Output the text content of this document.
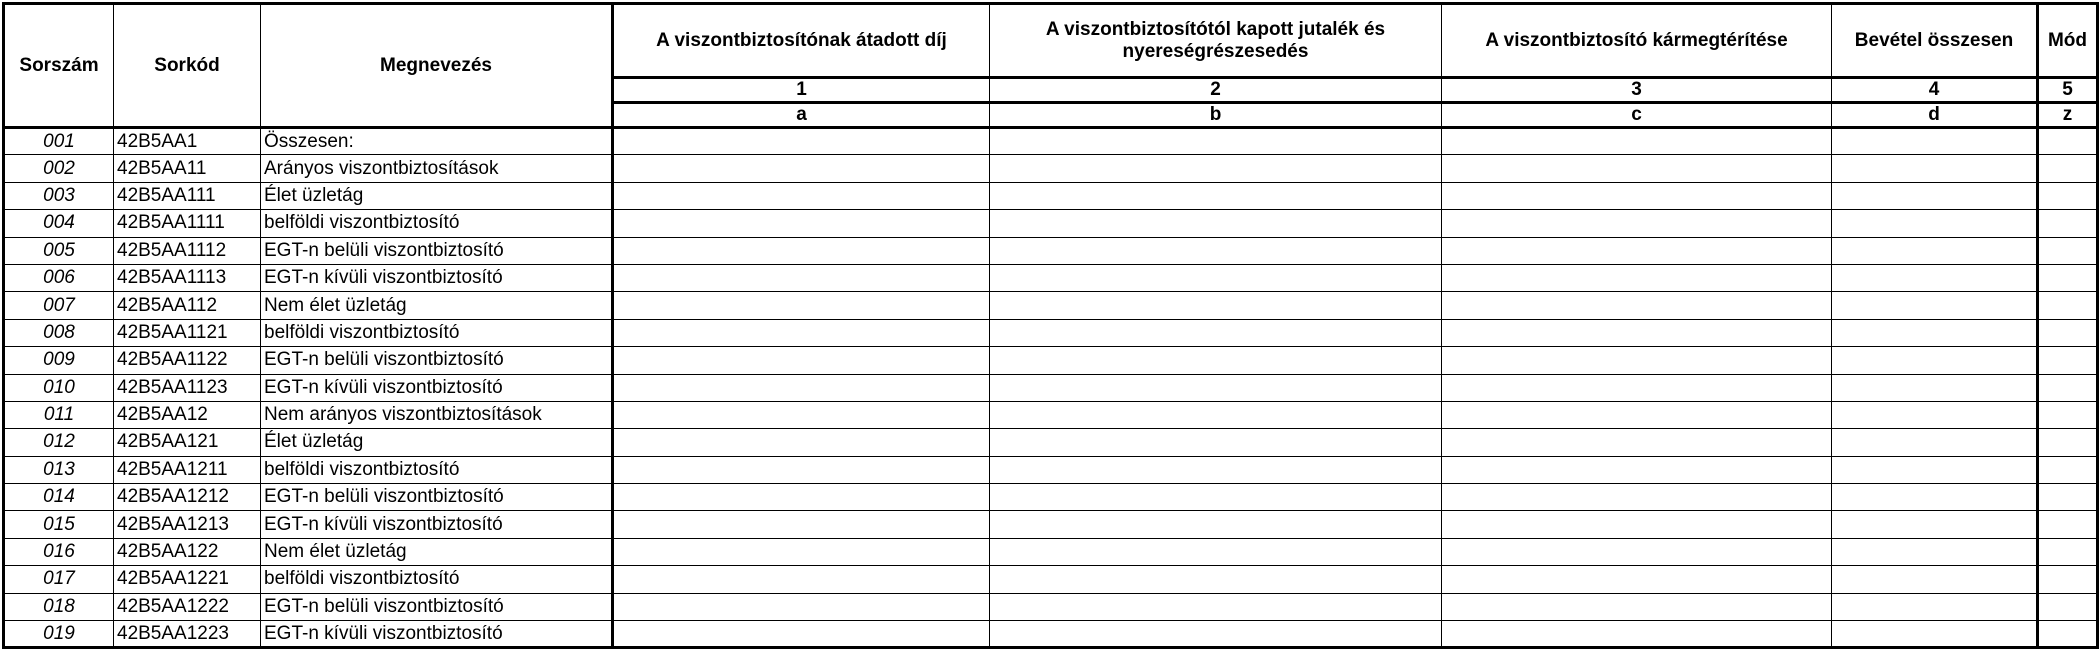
Sorszám	Sorkód	Megnevezés	A viszontbiztosítónak átadott díj	A viszontbiztosítótól kapott jutalék és nyereségrészesedés	A viszontbiztosító kármegtérítése	Bevétel összesen	Mód
			1	2	3	4	5
			a	b	c	d	z
001	42B5AA1	Összesen:					
002	42B5AA11	Arányos viszontbiztosítások					
003	42B5AA111	Élet üzletág					
004	42B5AA1111	belföldi viszontbiztosító					
005	42B5AA1112	EGT-n belüli viszontbiztosító					
006	42B5AA1113	EGT-n kívüli viszontbiztosító					
007	42B5AA112	Nem élet üzletág					
008	42B5AA1121	belföldi viszontbiztosító					
009	42B5AA1122	EGT-n belüli viszontbiztosító					
010	42B5AA1123	EGT-n kívüli viszontbiztosító					
011	42B5AA12	Nem arányos viszontbiztosítások					
012	42B5AA121	Élet üzletág					
013	42B5AA1211	belföldi viszontbiztosító					
014	42B5AA1212	EGT-n belüli viszontbiztosító					
015	42B5AA1213	EGT-n kívüli viszontbiztosító					
016	42B5AA122	Nem élet üzletág					
017	42B5AA1221	belföldi viszontbiztosító					
018	42B5AA1222	EGT-n belüli viszontbiztosító					
019	42B5AA1223	EGT-n kívüli viszontbiztosító					
